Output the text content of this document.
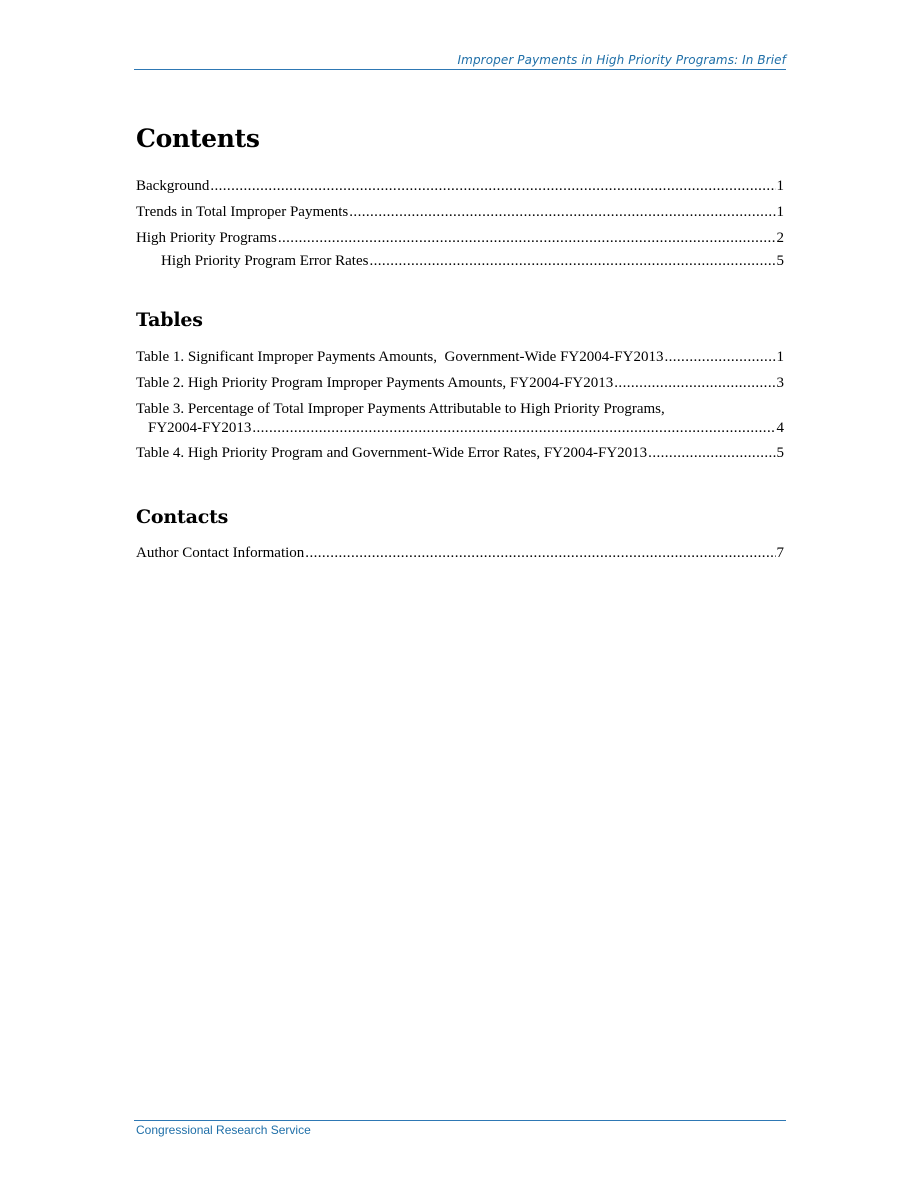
Improper Payments in High Priority Programs: In Brief
Contents
Background .....	1
Trends in Total Improper Payments .....	1
High Priority Programs .....	2
High Priority Program Error Rates .....	5
Tables
Table 1. Significant Improper Payments Amounts,  Government-Wide FY2004-FY2013 .....	1
Table 2. High Priority Program Improper Payments Amounts, FY2004-FY2013 .....	3
Table 3. Percentage of Total Improper Payments Attributable to High Priority Programs,
FY2004-FY2013 .....	4
Table 4. High Priority Program and Government-Wide Error Rates, FY2004-FY2013 .....	5
Contacts
Author Contact Information .....	7
Congressional Research Service
